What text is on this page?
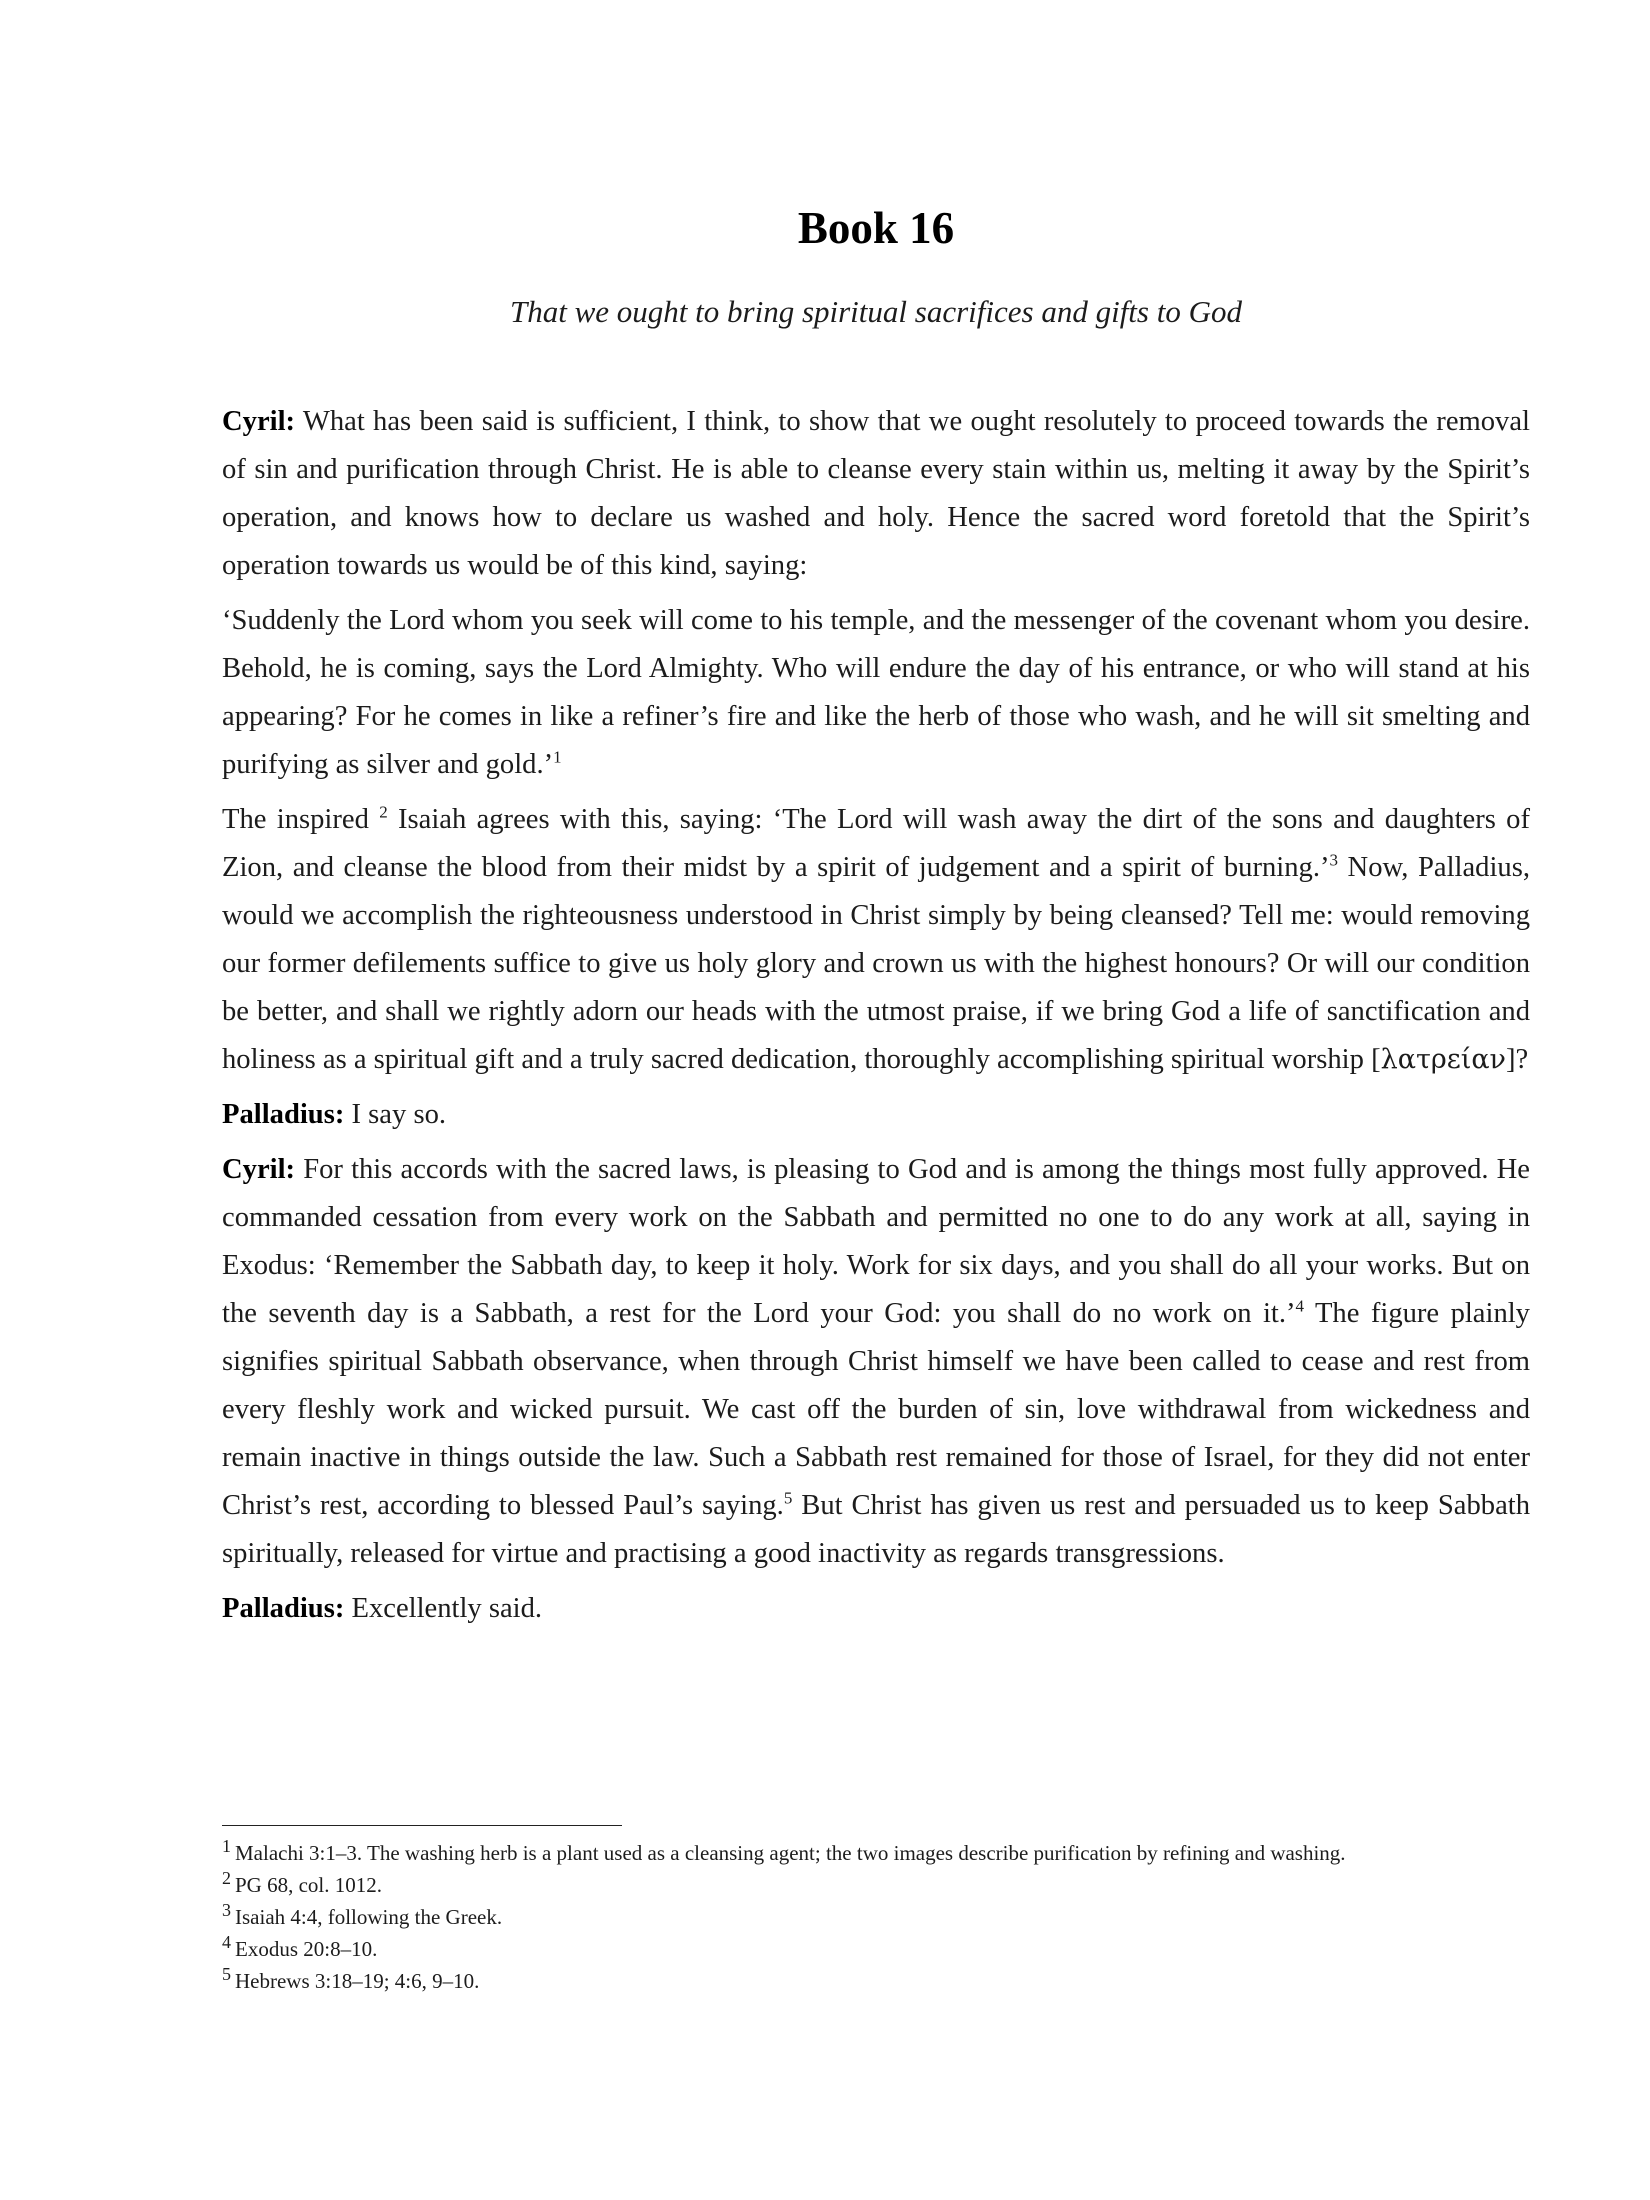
Book 16

That we ought to bring spiritual sacrifices and gifts to God

Cyril: What has been said is sufficient, I think, to show that we ought resolutely to proceed towards the removal of sin and purification through Christ. He is able to cleanse every stain within us, melting it away by the Spirit’s operation, and knows how to declare us washed and holy. Hence the sacred word foretold that the Spirit’s operation towards us would be of this kind, saying:

‘Suddenly the Lord whom you seek will come to his temple, and the messenger of the covenant whom you desire. Behold, he is coming, says the Lord Almighty. Who will endure the day of his entrance, or who will stand at his appearing? For he comes in like a refiner’s fire and like the herb of those who wash, and he will sit smelting and purifying as silver and gold.’$^1$

The inspired $^2$ Isaiah agrees with this, saying: ‘The Lord will wash away the dirt of the sons and daughters of Zion, and cleanse the blood from their midst by a spirit of judgement and a spirit of burning.’$^3$ Now, Palladius, would we accomplish the righteousness understood in Christ simply by being cleansed? Tell me: would removing our former defilements suffice to give us holy glory and crown us with the highest honours? Or will our condition be better, and shall we rightly adorn our heads with the utmost praise, if we bring God a life of sanctification and holiness as a spiritual gift and a truly sacred dedication, thoroughly accomplishing spiritual worship [λατρείαν]?

Palladius: I say so.

Cyril: For this accords with the sacred laws, is pleasing to God and is among the things most fully approved. He commanded cessation from every work on the Sabbath and permitted no one to do any work at all, saying in Exodus: ‘Remember the Sabbath day, to keep it holy. Work for six days, and you shall do all your works. But on the seventh day is a Sabbath, a rest for the Lord your God: you shall do no work on it.’$^4$ The figure plainly signifies spiritual Sabbath observance, when through Christ himself we have been called to cease and rest from every fleshly work and wicked pursuit. We cast off the burden of sin, love withdrawal from wickedness and remain inactive in things outside the law. Such a Sabbath rest remained for those of Israel, for they did not enter Christ’s rest, according to blessed Paul’s saying.$^5$ But Christ has given us rest and persuaded us to keep Sabbath spiritually, released for virtue and practising a good inactivity as regards transgressions.

Palladius: Excellently said.

$^1$ Malachi 3:1–3. The washing herb is a plant used as a cleansing agent; the two images describe purification by refining and washing.
$^2$ PG 68, col. 1012.
$^3$ Isaiah 4:4, following the Greek.
$^4$ Exodus 20:8–10.
$^5$ Hebrews 3:18–19; 4:6, 9–10.
